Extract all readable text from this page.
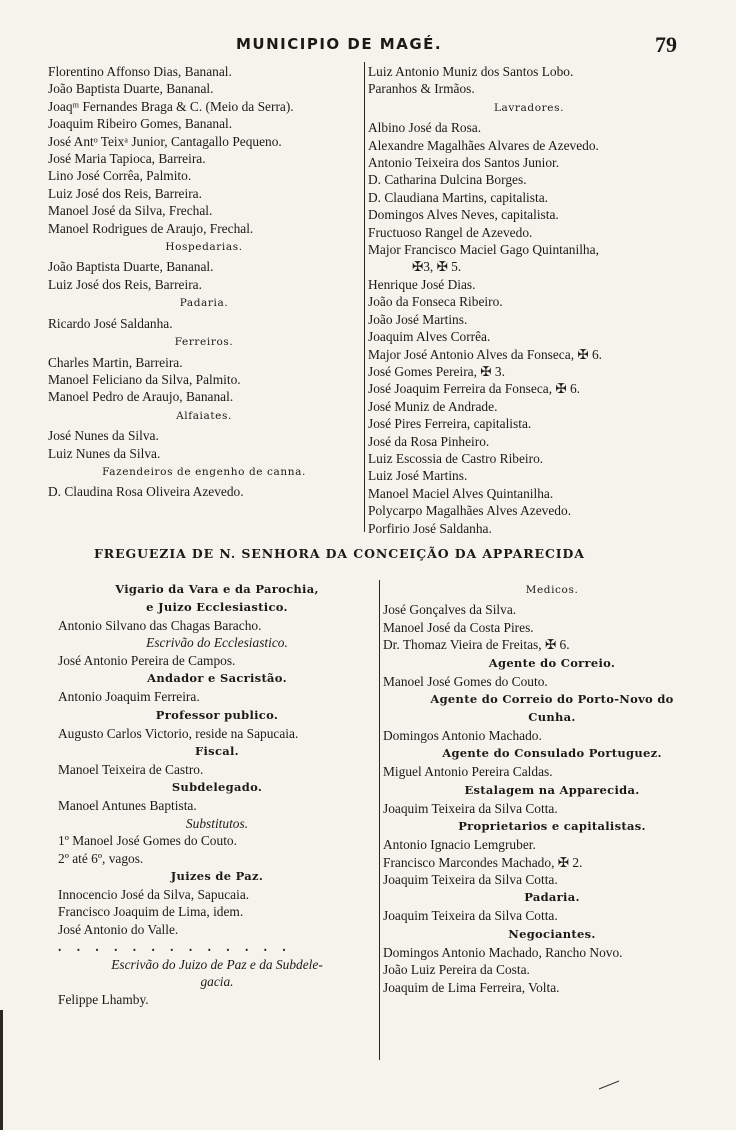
MUNICIPIO DE MAGÉ.	79
Florentino Affonso Dias, Bananal.
João Baptista Duarte, Bananal.
Joaqᵐ Fernandes Braga & C. (Meio da Serra).
Joaquim Ribeiro Gomes, Bananal.
José Antᵒ Teixᵃ Junior, Cantagallo Pequeno.
José Maria Tapioca, Barreira.
Lino José Corrêa, Palmito.
Luiz José dos Reis, Barreira.
Manoel José da Silva, Frechal.
Manoel Rodrigues de Araujo, Frechal.
Hospedarias.
João Baptista Duarte, Bananal.
Luiz José dos Reis, Barreira.
Padaria.
Ricardo José Saldanha.
Ferreiros.
Charles Martin, Barreira.
Manoel Feliciano da Silva, Palmito.
Manoel Pedro de Araujo, Bananal.
Alfaiates.
José Nunes da Silva.
Luiz Nunes da Silva.
Fazendeiros de engenho de canna.
D. Claudina Rosa Oliveira Azevedo.
Luiz Antonio Muniz dos Santos Lobo.
Paranhos & Irmãos.
Lavradores.
Albino José da Rosa.
Alexandre Magalhães Alvares de Azevedo.
Antonio Teixeira dos Santos Junior.
D. Catharina Dulcina Borges.
D. Claudiana Martins, capitalista.
Domingos Alves Neves, capitalista.
Fructuoso Rangel de Azevedo.
Major Francisco Maciel Gago Quintanilha,
✠3, ✠ 5.
Henrique José Dias.
João da Fonseca Ribeiro.
João José Martins.
Joaquim Alves Corrêa.
Major José Antonio Alves da Fonseca, ✠ 6.
José Gomes Pereira, ✠ 3.
José Joaquim Ferreira da Fonseca, ✠ 6.
José Muniz de Andrade.
José Pires Ferreira, capitalista.
José da Rosa Pinheiro.
Luiz Escossia de Castro Ribeiro.
Luiz José Martins.
Manoel Maciel Alves Quintanilha.
Polycarpo Magalhães Alves Azevedo.
Porfirio José Saldanha.
FREGUEZIA DE N. SENHORA DA CONCEIÇÃO DA APPARECIDA
Vigario da Vara e da Parochia,
e Juizo Ecclesiastico.
Antonio Silvano das Chagas Baracho.
Escrivão do Ecclesiastico.
José Antonio Pereira de Campos.
Andador e Sacristão.
Antonio Joaquim Ferreira.
Professor publico.
Augusto Carlos Victorio, reside na Sapucaia.
Fiscal.
Manoel Teixeira de Castro.
Subdelegado.
Manoel Antunes Baptista.
Substitutos.
1º Manoel José Gomes do Couto.
2º até 6º, vagos.
Juizes de Paz.
Innocencio José da Silva, Sapucaia.
Francisco Joaquim de Lima, idem.
José Antonio do Valle.
. . . . . . . . . . . . .
Escrivão do Juizo de Paz e da Subdele-
gacia.
Felippe Lhamby.
Medicos.
José Gonçalves da Silva.
Manoel José da Costa Pires.
Dr. Thomaz Vieira de Freitas, ✠ 6.
Agente do Correio.
Manoel José Gomes do Couto.
Agente do Correio do Porto-Novo do
Cunha.
Domingos Antonio Machado.
Agente do Consulado Portuguez.
Miguel Antonio Pereira Caldas.
Estalagem na Apparecida.
Joaquim Teixeira da Silva Cotta.
Proprietarios e capitalistas.
Antonio Ignacio Lemgruber.
Francisco Marcondes Machado, ✠ 2.
Joaquim Teixeira da Silva Cotta.
Padaria.
Joaquim Teixeira da Silva Cotta.
Negociantes.
Domingos Antonio Machado, Rancho Novo.
João Luiz Pereira da Costa.
Joaquim de Lima Ferreira, Volta.
